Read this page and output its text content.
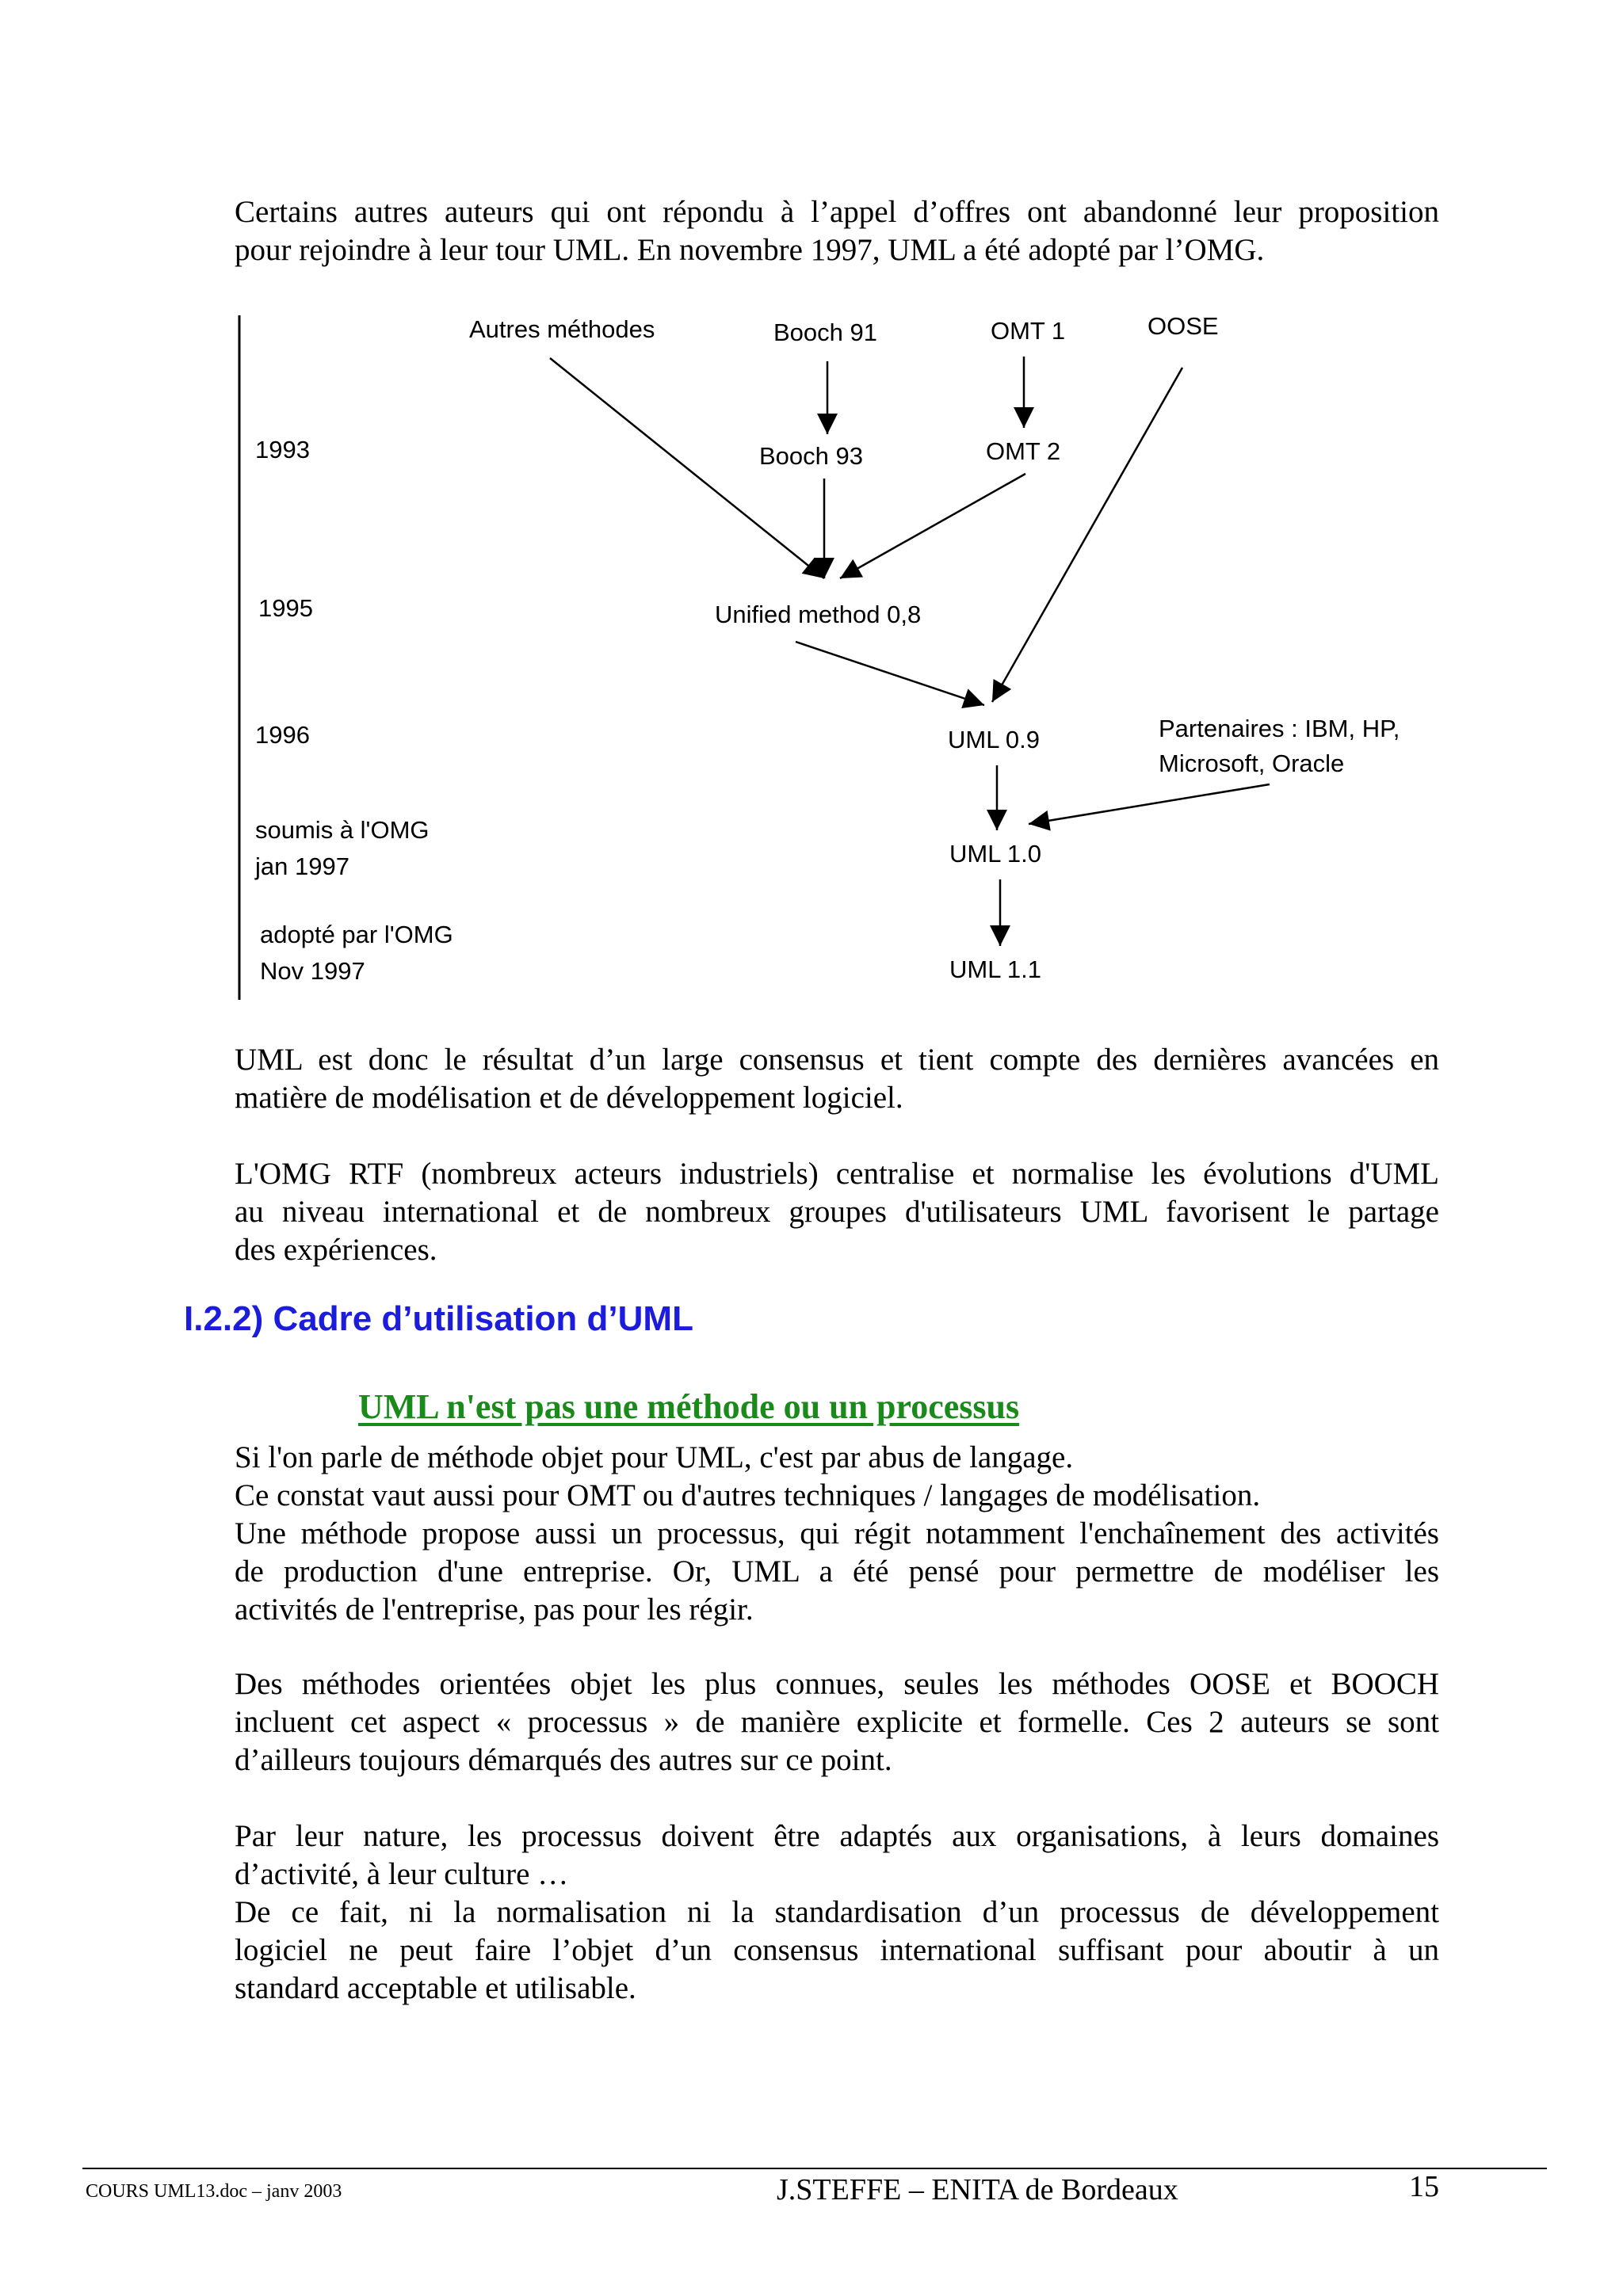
Certains autres auteurs qui ont répondu à l’appel d’offres ont abandonné leur proposition
pour rejoindre à leur tour UML. En novembre 1997, UML a été adopté par l’OMG.
1993
1995
1996
soumis à l'OMG
jan 1997
adopté par l'OMG
Nov 1997
Autres méthodes	Booch 91	OMT 1	OOSE
Booch 93	OMT 2
Unified method 0,8
UML 0.9	Partenaires : IBM, HP,
Microsoft, Oracle
UML 1.0
UML 1.1
UML est donc le résultat d’un large consensus et tient compte des dernières avancées en
matière de modélisation et de développement logiciel.
L'OMG RTF (nombreux acteurs industriels) centralise et normalise les évolutions d'UML
au niveau international et de nombreux groupes d'utilisateurs UML favorisent le partage
des expériences.
I.2.2) Cadre d’utilisation d’UML
UML n'est pas une méthode ou un processus
Si l'on parle de méthode objet pour UML, c'est par abus de langage.
Ce constat vaut aussi pour OMT ou d'autres techniques / langages de modélisation.
Une méthode propose aussi un processus, qui régit notamment l'enchaînement des activités
de production d'une entreprise. Or, UML a été pensé pour permettre de modéliser les
activités de l'entreprise, pas pour les régir.
Des méthodes orientées objet les plus connues, seules les méthodes OOSE et BOOCH
incluent cet aspect « processus » de manière explicite et formelle. Ces 2 auteurs se sont
d’ailleurs toujours démarqués des autres sur ce point.
Par leur nature, les processus doivent être adaptés aux organisations, à leurs domaines
d’activité, à leur culture …
De ce fait, ni la normalisation ni la standardisation d’un processus de développement
logiciel ne peut faire l’objet d’un consensus international suffisant pour aboutir à un
standard acceptable et utilisable.
COURS UML13.doc – janv 2003	J.STEFFE – ENITA de Bordeaux	15
